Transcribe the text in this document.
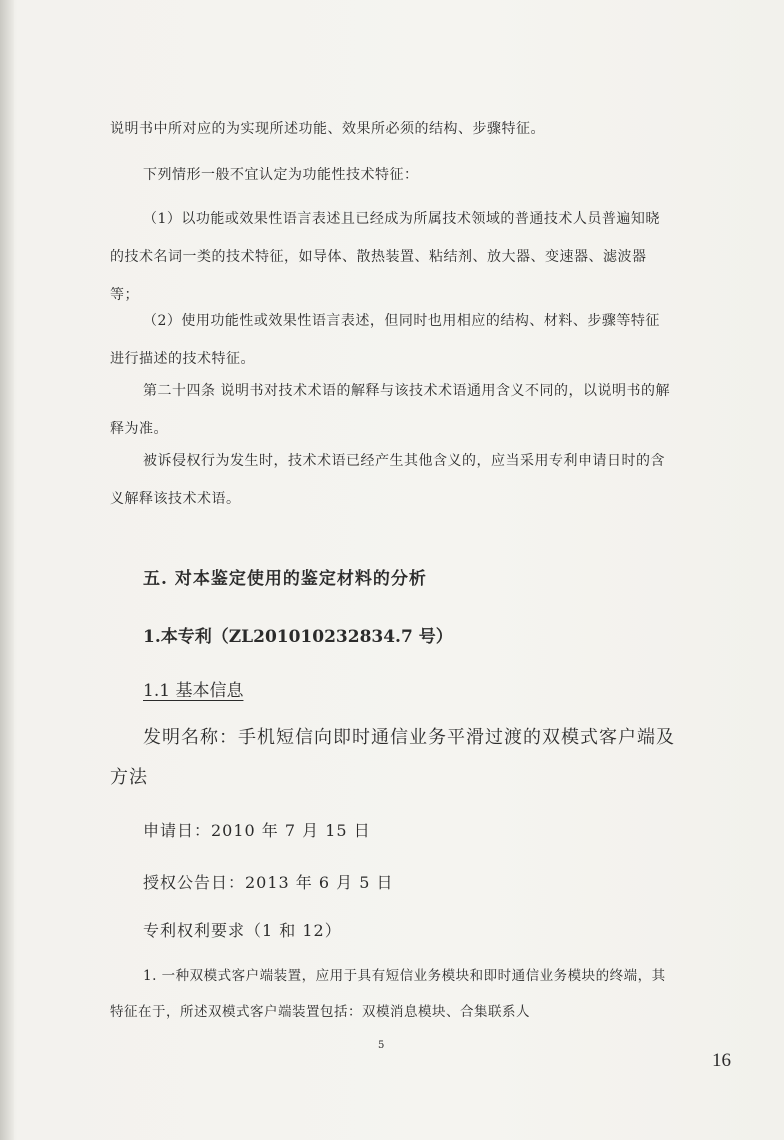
说明书中所对应的为实现所述功能、效果所必须的结构、步骤特征。

下列情形一般不宜认定为功能性技术特征：

（1）以功能或效果性语言表述且已经成为所属技术领域的普通技术人员普遍知晓的技术名词一类的技术特征，如导体、散热装置、粘结剂、放大器、变速器、滤波器等；

（2）使用功能性或效果性语言表述，但同时也用相应的结构、材料、步骤等特征进行描述的技术特征。

第二十四条 说明书对技术术语的解释与该技术术语通用含义不同的，以说明书的解释为准。

被诉侵权行为发生时，技术术语已经产生其他含义的，应当采用专利申请日时的含义解释该技术术语。

五. 对本鉴定使用的鉴定材料的分析

1.本专利（ZL201010232834.7 号）

1.1 基本信息

发明名称：手机短信向即时通信业务平滑过渡的双模式客户端及方法

申请日：2010 年 7 月 15 日

授权公告日：2013 年 6 月 5 日

专利权利要求（1 和 12）

1. 一种双模式客户端装置，应用于具有短信业务模块和即时通信业务模块的终端，其特征在于，所述双模式客户端装置包括：双模消息模块、合集联系人

5

16
